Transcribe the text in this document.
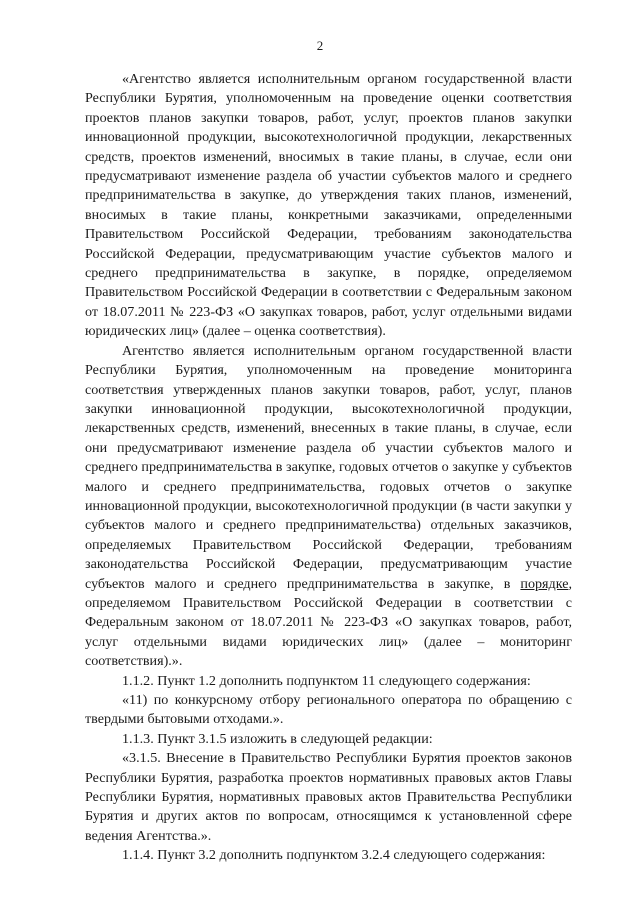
2

«Агентство является исполнительным органом государственной власти Республики Бурятия, уполномоченным на проведение оценки соответствия проектов планов закупки товаров, работ, услуг, проектов планов закупки инновационной продукции, высокотехнологичной продукции, лекарственных средств, проектов изменений, вносимых в такие планы, в случае, если они предусматривают изменение раздела об участии субъектов малого и среднего предпринимательства в закупке, до утверждения таких планов, изменений, вносимых в такие планы, конкретными заказчиками, определенными Правительством Российской Федерации, требованиям законодательства Российской Федерации, предусматривающим участие субъектов малого и среднего предпринимательства в закупке, в порядке, определяемом Правительством Российской Федерации в соответствии с Федеральным законом от 18.07.2011 № 223-ФЗ «О закупках товаров, работ, услуг отдельными видами юридических лиц» (далее – оценка соответствия).

Агентство является исполнительным органом государственной власти Республики Бурятия, уполномоченным на проведение мониторинга соответствия утвержденных планов закупки товаров, работ, услуг, планов закупки инновационной продукции, высокотехнологичной продукции, лекарственных средств, изменений, внесенных в такие планы, в случае, если они предусматривают изменение раздела об участии субъектов малого и среднего предпринимательства в закупке, годовых отчетов о закупке у субъектов малого и среднего предпринимательства, годовых отчетов о закупке инновационной продукции, высокотехнологичной продукции (в части закупки у субъектов малого и среднего предпринимательства) отдельных заказчиков, определяемых Правительством Российской Федерации, требованиям законодательства Российской Федерации, предусматривающим участие субъектов малого и среднего предпринимательства в закупке, в порядке, определяемом Правительством Российской Федерации в соответствии с Федеральным законом от 18.07.2011 № 223-ФЗ «О закупках товаров, работ, услуг отдельными видами юридических лиц» (далее – мониторинг соответствия).».

1.1.2. Пункт 1.2 дополнить подпунктом 11 следующего содержания:

«11) по конкурсному отбору регионального оператора по обращению с твердыми бытовыми отходами.».

1.1.3. Пункт 3.1.5 изложить в следующей редакции:

«3.1.5. Внесение в Правительство Республики Бурятия проектов законов Республики Бурятия, разработка проектов нормативных правовых актов Главы Республики Бурятия, нормативных правовых актов Правительства Республики Бурятия и других актов по вопросам, относящимся к установленной сфере ведения Агентства.».

1.1.4. Пункт 3.2 дополнить подпунктом 3.2.4 следующего содержания:
